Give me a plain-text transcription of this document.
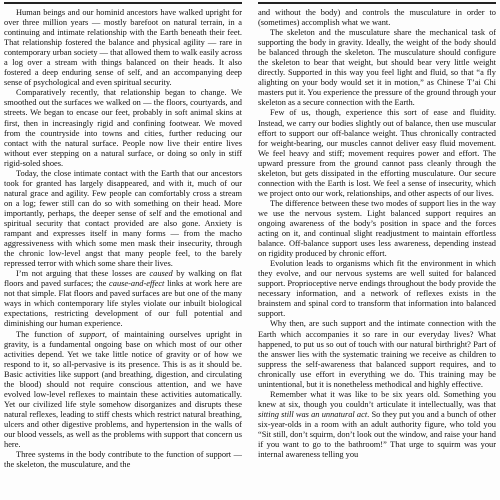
Human beings and our hominid ancestors have walked upright for over three million years — mostly barefoot on natural terrain, in a continuing and intimate relationship with the Earth beneath their feet. That relationship fostered the balance and physical agility — rare in contemporary urban society — that allowed them to walk easily across a log over a stream with things balanced on their heads. It also fostered a deep enduring sense of self, and an accompanying deep sense of psychological and even spiritual security.

Comparatively recently, that relationship began to change. We smoothed out the surfaces we walked on — the floors, courtyards, and streets. We began to encase our feet, probably in soft animal skins at first, then in increasingly rigid and confining footwear. We moved from the countryside into towns and cities, further reducing our contact with the natural surface. People now live their entire lives without ever stepping on a natural surface, or doing so only in stiff rigid-soled shoes.

Today, the close intimate contact with the Earth that our ancestors took for granted has largely disappeared, and with it, much of our natural grace and agility. Few people can comfortably cross a stream on a log; fewer still can do so with something on their head. More importantly, perhaps, the deeper sense of self and the emotional and spiritual security that contact provided are also gone. Anxiety is rampant and expresses itself in many forms — from the macho aggressiveness with which some men mask their insecurity, through the chronic low-level angst that many people feel, to the barely repressed terror with which some share their lives.

I’m not arguing that these losses are caused by walking on flat floors and paved surfaces; the cause-and-effect links at work here are not that simple. Flat floors and paved surfaces are but one of the many ways in which contemporary life styles violate our inbuilt biological expectations, restricting development of our full potential and diminishing our human experience.

The function of support, of maintaining ourselves upright in gravity, is a fundamental ongoing base on which most of our other activities depend. Yet we take little notice of gravity or of how we respond to it, so all-pervasive is its presence. This is as it should be. Basic activities like support (and breathing, digestion, and circulating the blood) should not require conscious attention, and we have evolved low-level reflexes to maintain these activities automatically. Yet our civilized life style somehow disorganizes and disrupts these natural reflexes, leading to stiff chests which restrict natural breathing, ulcers and other digestive problems, and hypertension in the walls of our blood vessels, as well as the problems with support that concern us here.

Three systems in the body contribute to the function of support — the skeleton, the musculature, and the

and without the body) and controls the musculature in order to (sometimes) accomplish what we want.

The skeleton and the musculature share the mechanical task of supporting the body in gravity. Ideally, the weight of the body should be balanced through the skeleton. The musculature should configure the skeleton to bear that weight, but should bear very little weight directly. Supported in this way you feel light and fluid, so that “a fly alighting on your body would set it in motion,” as Chinese T’ai Chi masters put it. You experience the pressure of the ground through your skeleton as a secure connection with the Earth.

Few of us, though, experience this sort of ease and fluidity. Instead, we carry our bodies slightly out of balance, then use muscular effort to support our off-balance weight. Thus chronically contracted for weight-bearing, our muscles cannot deliver easy fluid movement. We feel heavy and stiff; movement requires power and effort. The upward pressure from the ground cannot pass cleanly through the skeleton, but gets dissipated in the efforting musculature. Our secure connection with the Earth is lost. We feel a sense of insecurity, which we project onto our work, relationships, and other aspects of our lives.

The difference between these two modes of support lies in the way we use the nervous system. Light balanced support requires an ongoing awareness of the body’s position in space and the forces acting on it, and continual slight readjustment to maintain effortless balance. Off-balance support uses less awareness, depending instead on rigidity produced by chronic effort.

Evolution leads to organisms which fit the environment in which they evolve, and our nervous systems are well suited for balanced support. Proprioceptive nerve endings throughout the body provide the necessary information, and a network of reflexes exists in the brainstem and spinal cord to transform that information into balanced support.

Why then, are such support and the intimate connection with the Earth which accompanies it so rare in our everyday lives? What happened, to put us so out of touch with our natural birthright? Part of the answer lies with the systematic training we receive as children to suppress the self-awareness that balanced support requires, and to chronically use effort in everything we do. This training may be unintentional, but it is nonetheless methodical and highly effective.

Remember what it was like to be six years old. Something you knew at six, though you couldn’t articulate it intellectually, was that sitting still was an unnatural act. So they put you and a bunch of other six-year-olds in a room with an adult authority figure, who told you “Sit still, don’t squirm, don’t look out the window, and raise your hand if you want to go to the bathroom!” That urge to squirm was your internal awareness telling you
